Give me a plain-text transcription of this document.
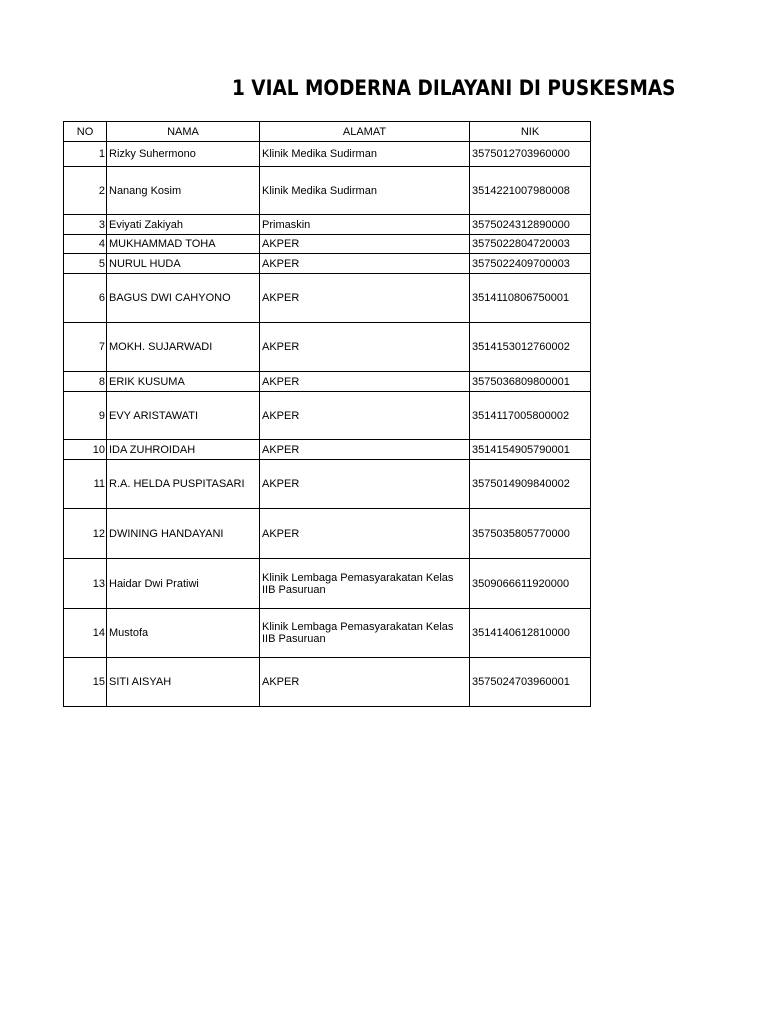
1 VIAL MODERNA DILAYANI DI PUSKESMAS
NO	NAMA	ALAMAT	NIK
1	Rizky Suhermono	Klinik Medika Sudirman	3575012703960000
2	Nanang Kosim	Klinik Medika Sudirman	3514221007980008
3	Eviyati Zakiyah	Primaskin	3575024312890000
4	MUKHAMMAD TOHA	AKPER	3575022804720003
5	NURUL HUDA	AKPER	3575022409700003
6	BAGUS DWI CAHYONO	AKPER	3514110806750001
7	MOKH. SUJARWADI	AKPER	3514153012760002
8	ERIK KUSUMA	AKPER	3575036809800001
9	EVY ARISTAWATI	AKPER	3514117005800002
10	IDA ZUHROIDAH	AKPER	3514154905790001
11	R.A. HELDA PUSPITASARI	AKPER	3575014909840002
12	DWINING HANDAYANI	AKPER	3575035805770000
13	Haidar Dwi Pratiwi	Klinik Lembaga Pemasyarakatan Kelas IIB Pasuruan	3509066611920000
14	Mustofa	Klinik Lembaga Pemasyarakatan Kelas IIB Pasuruan	3514140612810000
15	SITI AISYAH	AKPER	3575024703960001
